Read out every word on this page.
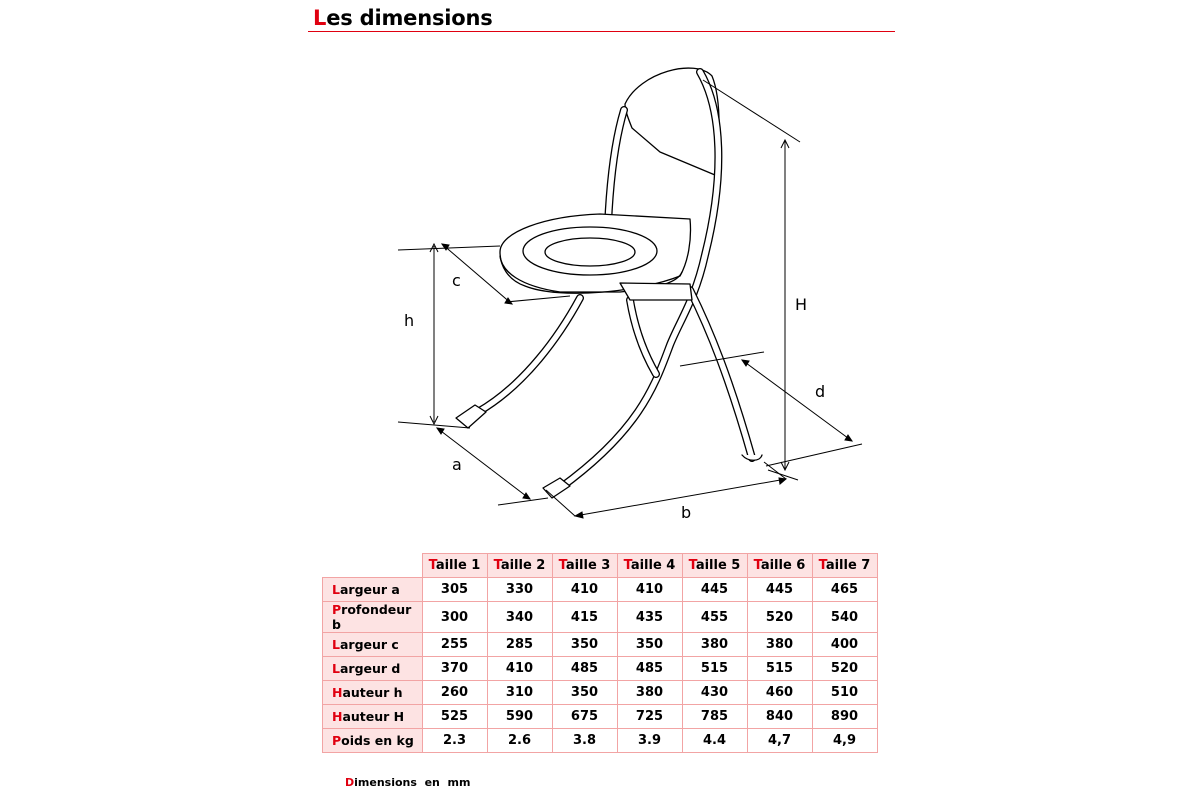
Les dimensions
h
c
a
b
d
H
	Taille 1	Taille 2	Taille 3	Taille 4	Taille 5	Taille 6	Taille 7
Largeur a	305	330	410	410	445	445	465
Profondeur b	300	340	415	435	455	520	540
Largeur c	255	285	350	350	380	380	400
Largeur d	370	410	485	485	515	515	520
Hauteur h	260	310	350	380	430	460	510
Hauteur H	525	590	675	725	785	840	890
Poids en kg	2.3	2.6	3.8	3.9	4.4	4,7	4,9

Dimensions  en  mm
